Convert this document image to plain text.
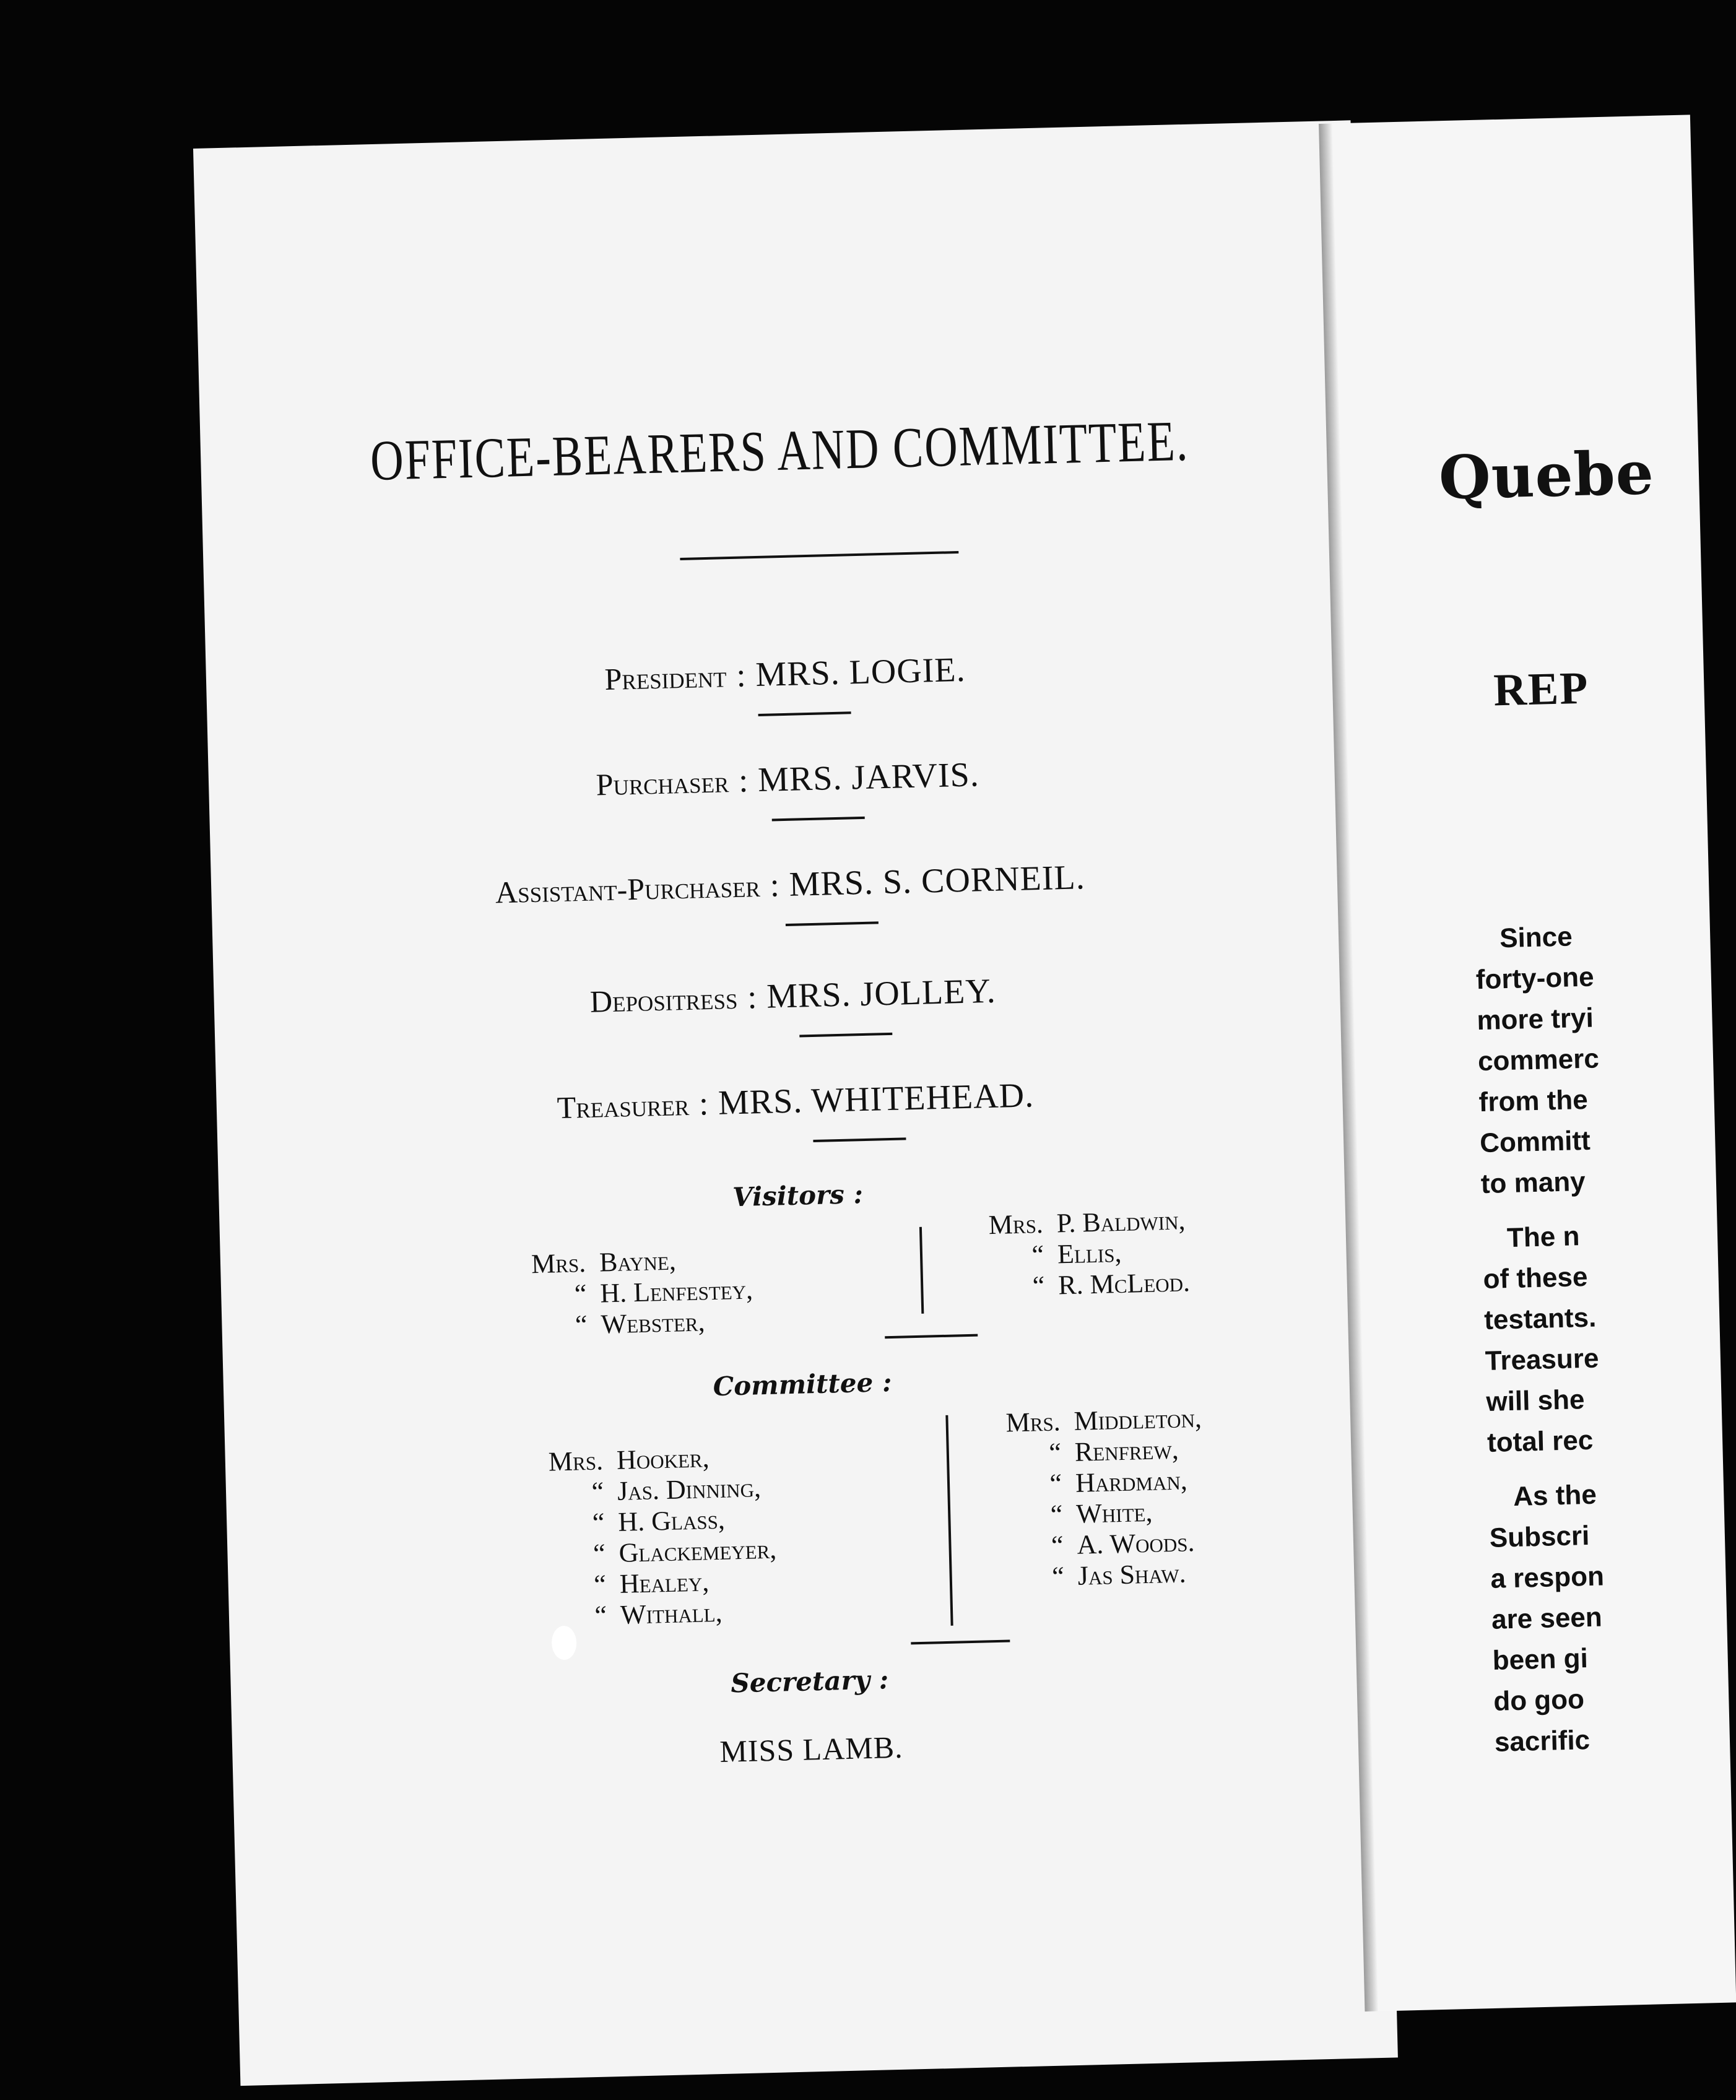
OFFICE-BEARERS AND COMMITTEE.
President : MRS. LOGIE.
Purchaser : MRS. JARVIS.
Assistant-Purchaser : MRS. S. CORNEIL.
Depositress : MRS. JOLLEY.
Treasurer : MRS. WHITEHEAD.
Visitors :
Mrs. Bayne,
“ H. Lenfestey,
“ Webster,
Mrs. P. Baldwin,
“ Ellis,
“ R. McLeod.
Committee :
Mrs. Hooker,
“ Jas. Dinning,
“ H. Glass,
“ Glackemeyer,
“ Healey,
“ Withall,
Mrs. Middleton,
“ Renfrew,
“ Hardman,
“ White,
“ A. Woods.
“ Jas Shaw.
Secretary :
MISS LAMB.
Quebe
REP
Since
forty-one
more tryi
commerc
from the
Committ
to many
The n
of these
testants.
Treasure
will she
total rec
As the
Subscri
a respon
are seen
been gi
do goo
sacrific
